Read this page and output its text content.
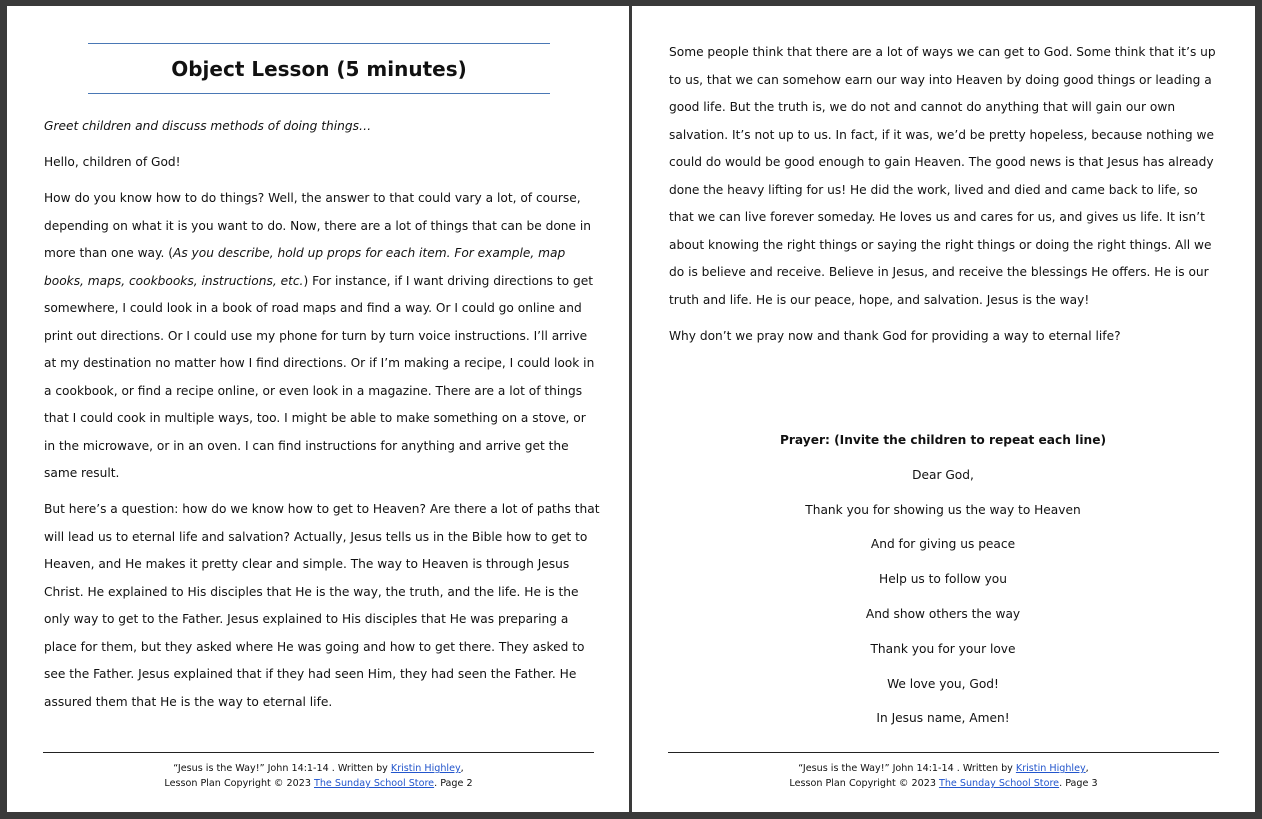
Object Lesson (5 minutes)

Greet children and discuss methods of doing things…

Hello, children of God!

How do you know how to do things? Well, the answer to that could vary a lot, of course, depending on what it is you want to do. Now, there are a lot of things that can be done in more than one way. (As you describe, hold up props for each item. For example, map books, maps, cookbooks, instructions, etc.) For instance, if I want driving directions to get somewhere, I could look in a book of road maps and find a way. Or I could go online and print out directions. Or I could use my phone for turn by turn voice instructions. I’ll arrive at my destination no matter how I find directions. Or if I’m making a recipe, I could look in a cookbook, or find a recipe online, or even look in a magazine. There are a lot of things that I could cook in multiple ways, too. I might be able to make something on a stove, or in the microwave, or in an oven. I can find instructions for anything and arrive get the same result.

But here’s a question: how do we know how to get to Heaven? Are there a lot of paths that will lead us to eternal life and salvation? Actually, Jesus tells us in the Bible how to get to Heaven, and He makes it pretty clear and simple. The way to Heaven is through Jesus Christ. He explained to His disciples that He is the way, the truth, and the life. He is the only way to get to the Father. Jesus explained to His disciples that He was preparing a place for them, but they asked where He was going and how to get there. They asked to see the Father. Jesus explained that if they had seen Him, they had seen the Father. He assured them that He is the way to eternal life.

“Jesus is the Way!” John 14:1-14 . Written by Kristin Highley,
Lesson Plan Copyright © 2023 The Sunday School Store. Page 2

Some people think that there are a lot of ways we can get to God. Some think that it’s up to us, that we can somehow earn our way into Heaven by doing good things or leading a good life. But the truth is, we do not and cannot do anything that will gain our own salvation. It’s not up to us. In fact, if it was, we’d be pretty hopeless, because nothing we could do would be good enough to gain Heaven. The good news is that Jesus has already done the heavy lifting for us! He did the work, lived and died and came back to life, so that we can live forever someday. He loves us and cares for us, and gives us life. It isn’t about knowing the right things or saying the right things or doing the right things. All we do is believe and receive. Believe in Jesus, and receive the blessings He offers. He is our truth and life. He is our peace, hope, and salvation. Jesus is the way!

Why don’t we pray now and thank God for providing a way to eternal life?

Prayer: (Invite the children to repeat each line)
Dear God,
Thank you for showing us the way to Heaven
And for giving us peace
Help us to follow you
And show others the way
Thank you for your love
We love you, God!
In Jesus name, Amen!
“Jesus is the Way!” John 14:1-14 . Written by Kristin Highley,
Lesson Plan Copyright © 2023 The Sunday School Store. Page 3
